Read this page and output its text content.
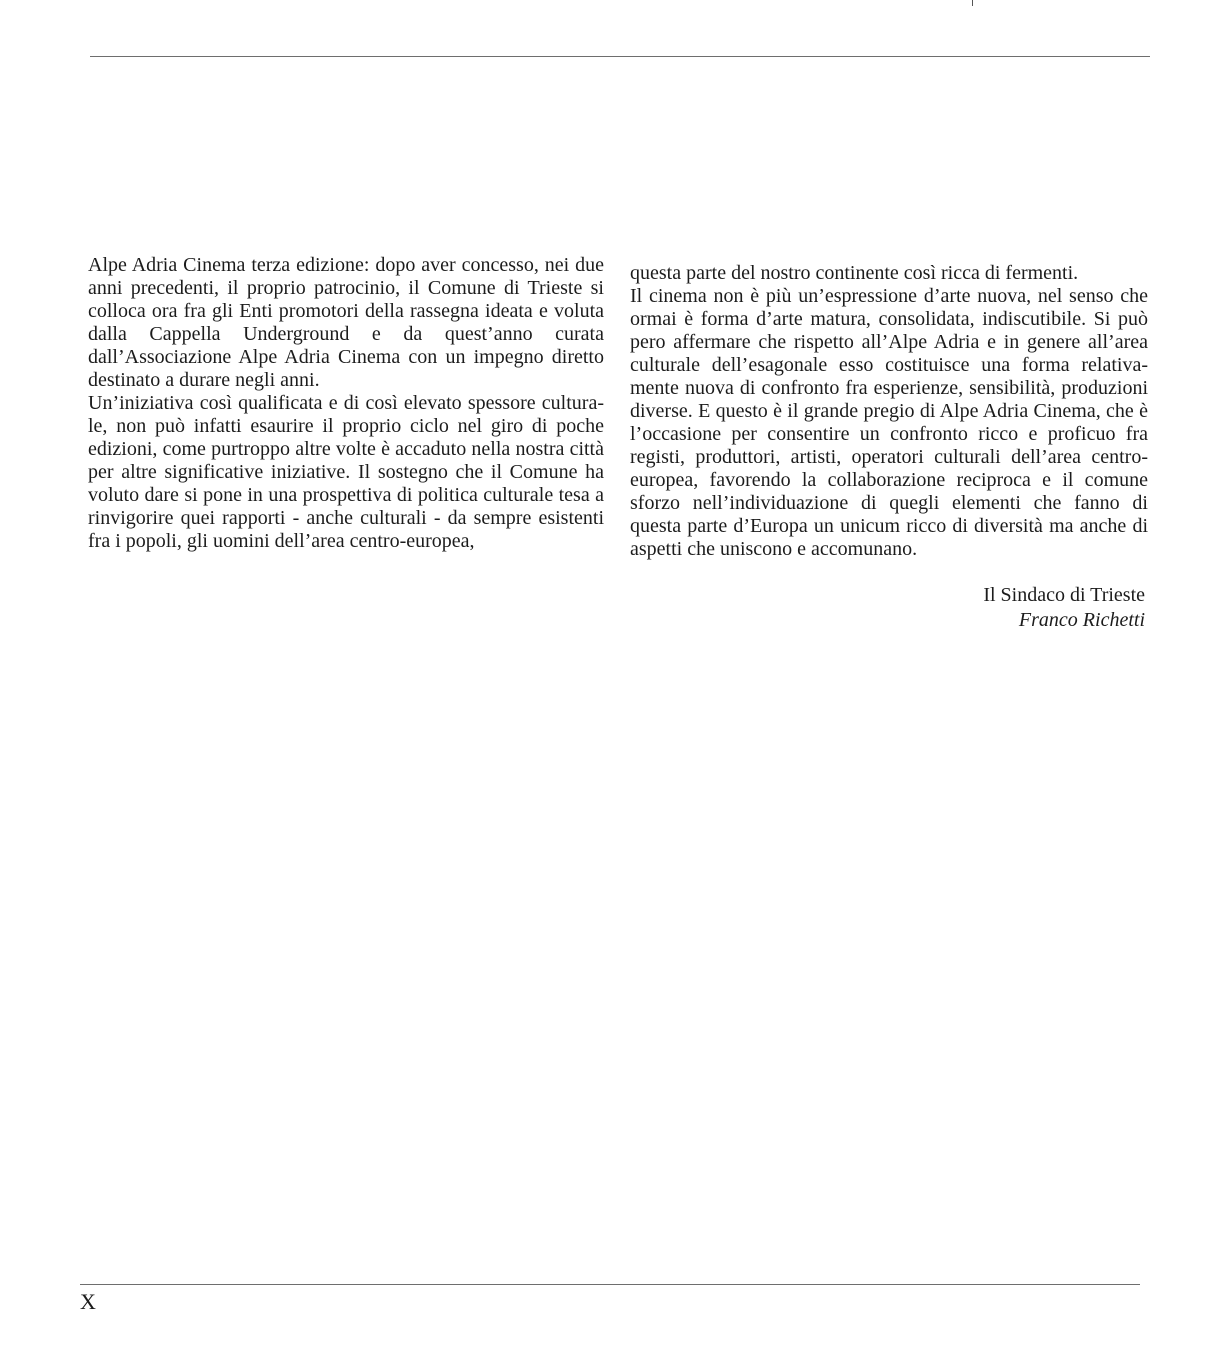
Alpe Adria Cinema terza edizione: dopo aver concesso, nei due anni precedenti, il proprio patrocinio, il Comune di Trieste si colloca ora fra gli Enti promotori della rassegna ideata e voluta dalla Cappella Underground e da quest’anno curata dall’Associazione Alpe Adria Cinema con un impegno diretto destinato a durare negli anni.

Un’iniziativa così qualificata e di così elevato spessore culturale, non può infatti esaurire il proprio ciclo nel giro di poche edizioni, come purtroppo altre volte è accaduto nella nostra città per altre significative iniziative. Il sostegno che il Comune ha voluto dare si pone in una prospettiva di politica culturale tesa a rinvigorire quei rapporti - anche culturali - da sempre esistenti fra i popoli, gli uomini dell’area centro-europea,

questa parte del nostro continente così ricca di fermenti.

Il cinema non è più un’espressione d’arte nuova, nel senso che ormai è forma d’arte matura, consolidata, indiscutibile. Si può pero affermare che rispetto all’Alpe Adria e in genere all’area culturale dell’esagonale esso costituisce una forma relativamente nuova di confronto fra esperienze, sensibilità, produzioni diverse. E questo è il grande pregio di Alpe Adria Cinema, che è l’occasione per consentire un confronto ricco e proficuo fra registi, produttori, artisti, operatori culturali dell’area centro-europea, favorendo la collaborazione reciproca e il comune sforzo nell’individuazione di quegli elementi che fanno di questa parte d’Europa un unicum ricco di diversità ma anche di aspetti che uniscono e accomunano.

Il Sindaco di Trieste
Franco Richetti
X
